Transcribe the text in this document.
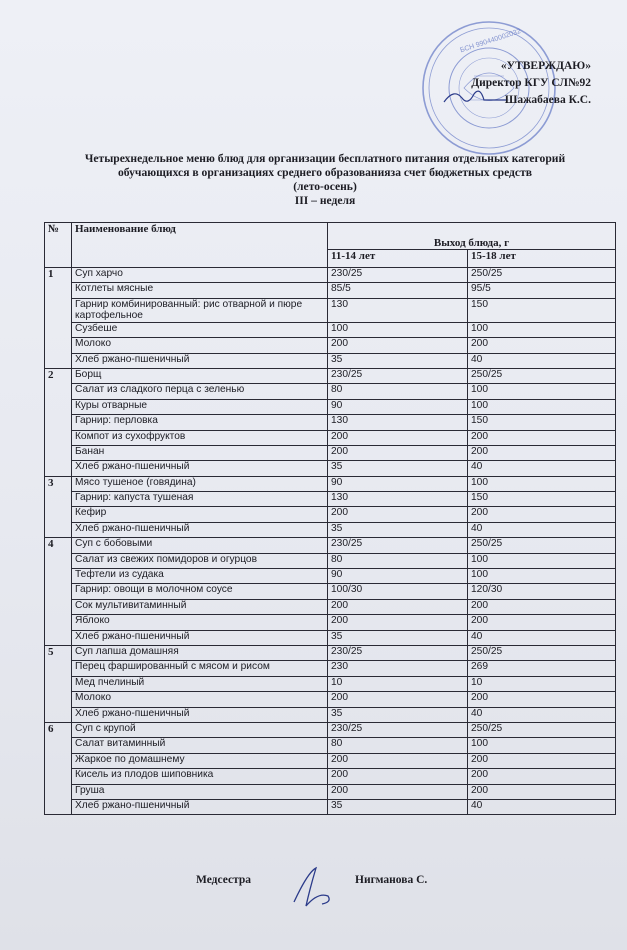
БСН 990440002032
«УТВЕРЖДАЮ»
Директор КГУ СЛ№92
Шажабаева К.С.
Четырехнедельное меню блюд для организации бесплатного питания отдельных категорий
обучающихся в организациях среднего образованиязa счет бюджетных средств
(лето-осень)
III – неделя
№	Наименование блюд	Выход блюда, г	
		11-14 лет	15-18 лет
1	Суп харчо	230/25	250/25
	Котлеты мясные	85/5	95/5
	Гарнир комбинированный: рис отварной и пюре картофельное	130	150
	Сузбеше	100	100
	Молоко	200	200
	Хлеб ржано-пшеничный	35	40
2	Борщ	230/25	250/25
	Салат из сладкого перца с зеленью	80	100
	Куры отварные	90	100
	Гарнир: перловка	130	150
	Компот из сухофруктов	200	200
	Банан	200	200
	Хлеб ржано-пшеничный	35	40
3	Мясо тушеное (говядина)	90	100
	Гарнир: капуста тушеная	130	150
	Кефир	200	200
	Хлеб ржано-пшеничный	35	40
4	Суп с бобовыми	230/25	250/25
	Салат из свежих помидоров и огурцов	80	100
	Тефтели из судака	90	100
	Гарнир: овощи в молочном соусе	100/30	120/30
	Сок мультивитаминный	200	200
	Яблоко	200	200
	Хлеб ржано-пшеничный	35	40
5	Суп лапша домашняя	230/25	250/25
	Перец фаршированный с мясом и рисом	230	269
	Мед пчелиный	10	10
	Молоко	200	200
	Хлеб ржано-пшеничный	35	40
6	Суп с крупой	230/25	250/25
	Салат витаминный	80	100
	Жаркое по домашнему	200	200
	Кисель из плодов шиповника	200	200
	Груша	200	200
	Хлеб ржано-пшеничный	35	40
Медсестра	Нигманова С.
